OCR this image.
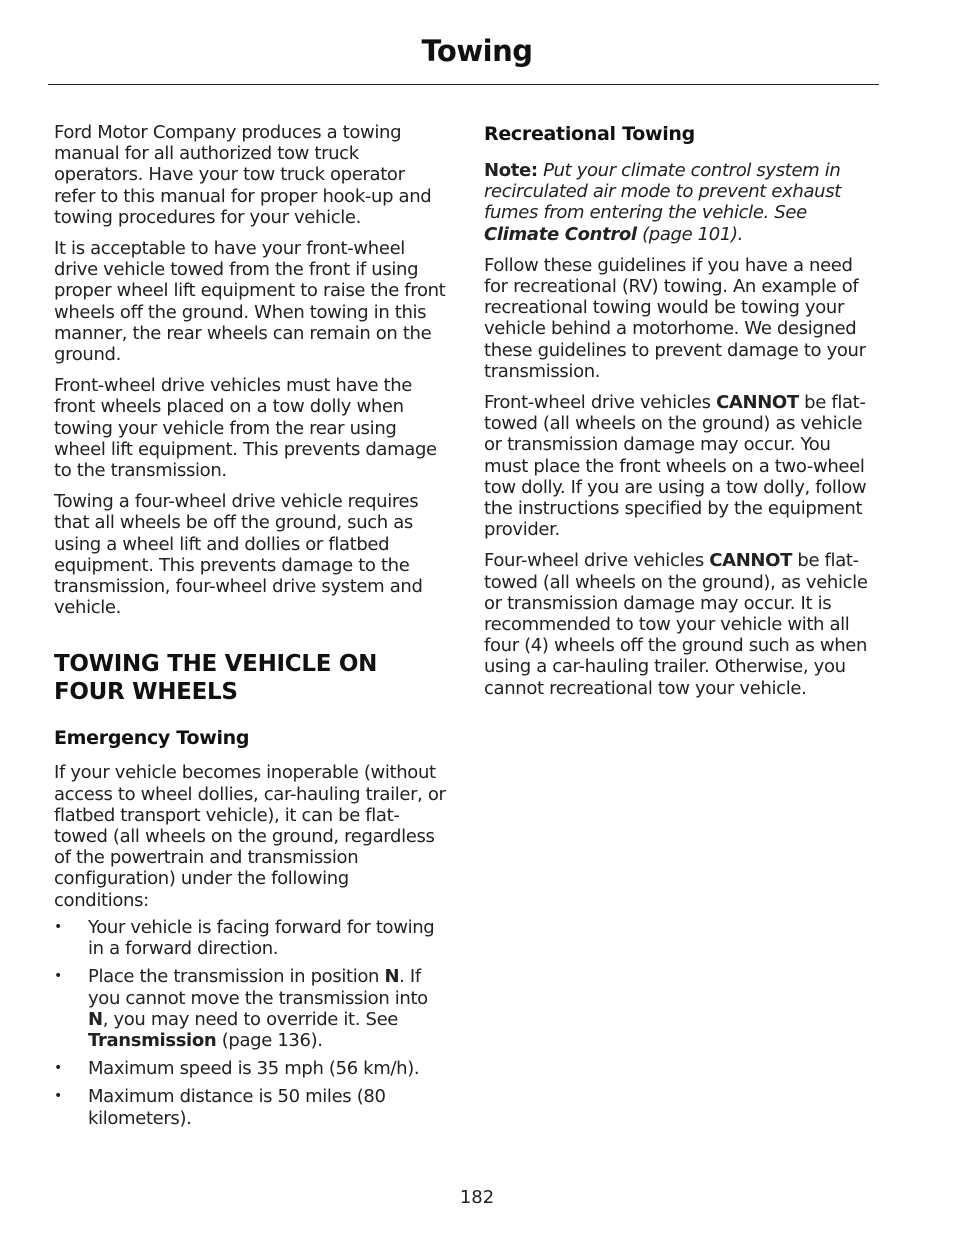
Towing

Ford Motor Company produces a towing manual for all authorized tow truck operators. Have your tow truck operator refer to this manual for proper hook-up and towing procedures for your vehicle.

It is acceptable to have your front-wheel drive vehicle towed from the front if using proper wheel lift equipment to raise the front wheels off the ground. When towing in this manner, the rear wheels can remain on the ground.

Front-wheel drive vehicles must have the front wheels placed on a tow dolly when towing your vehicle from the rear using wheel lift equipment. This prevents damage to the transmission.

Towing a four-wheel drive vehicle requires that all wheels be off the ground, such as using a wheel lift and dollies or flatbed equipment. This prevents damage to the transmission, four-wheel drive system and vehicle.

TOWING THE VEHICLE ON FOUR WHEELS
Emergency Towing

If your vehicle becomes inoperable (without access to wheel dollies, car-hauling trailer, or flatbed transport vehicle), it can be flat-towed (all wheels on the ground, regardless of the powertrain and transmission configuration) under the following conditions:

• Your vehicle is facing forward for towing in a forward direction.
• Place the transmission in position N. If you cannot move the transmission into N, you may need to override it. See Transmission (page 136).
• Maximum speed is 35 mph (56 km/h).
• Maximum distance is 50 miles (80 kilometers).
Recreational Towing

Note: Put your climate control system in recirculated air mode to prevent exhaust fumes from entering the vehicle. See Climate Control (page 101).

Follow these guidelines if you have a need for recreational (RV) towing. An example of recreational towing would be towing your vehicle behind a motorhome. We designed these guidelines to prevent damage to your transmission.

Front-wheel drive vehicles CANNOT be flat-towed (all wheels on the ground) as vehicle or transmission damage may occur. You must place the front wheels on a two-wheel tow dolly. If you are using a tow dolly, follow the instructions specified by the equipment provider.

Four-wheel drive vehicles CANNOT be flat-towed (all wheels on the ground), as vehicle or transmission damage may occur. It is recommended to tow your vehicle with all four (4) wheels off the ground such as when using a car-hauling trailer. Otherwise, you cannot recreational tow your vehicle.

182
